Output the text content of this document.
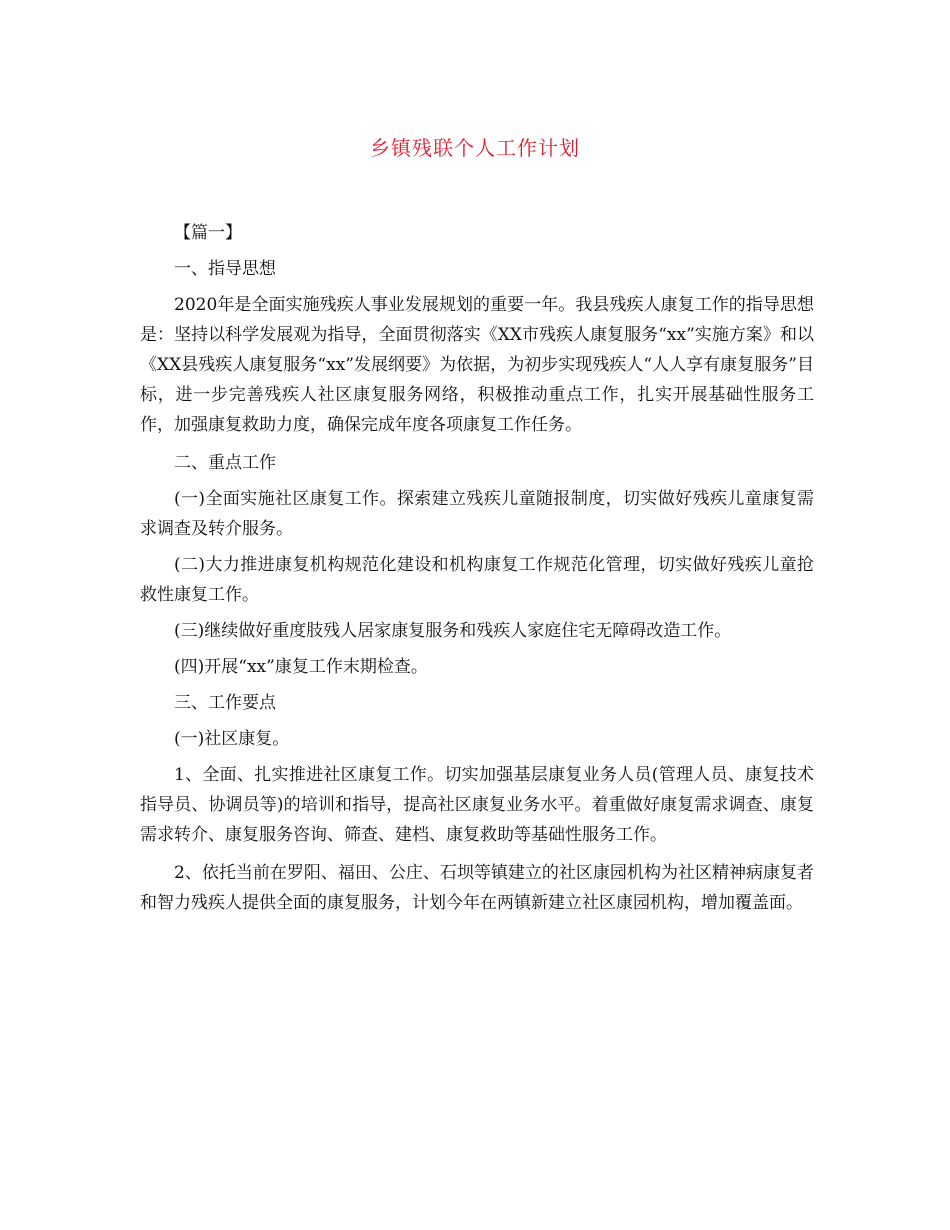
乡镇残联个人工作计划

【篇一】

一、指导思想

2020年是全面实施残疾人事业发展规划的重要一年。我县残疾人康复工作的指导思想是：坚持以科学发展观为指导，全面贯彻落实《XX市残疾人康复服务“xx”实施方案》和以《XX县残疾人康复服务“xx”发展纲要》为依据，为初步实现残疾人“人人享有康复服务”目标，进一步完善残疾人社区康复服务网络，积极推动重点工作，扎实开展基础性服务工作，加强康复救助力度，确保完成年度各项康复工作任务。

二、重点工作

(一)全面实施社区康复工作。探索建立残疾儿童随报制度，切实做好残疾儿童康复需求调查及转介服务。

(二)大力推进康复机构规范化建设和机构康复工作规范化管理，切实做好残疾儿童抢救性康复工作。

(三)继续做好重度肢残人居家康复服务和残疾人家庭住宅无障碍改造工作。

(四)开展“xx”康复工作末期检查。

三、工作要点

(一)社区康复。

1、全面、扎实推进社区康复工作。切实加强基层康复业务人员(管理人员、康复技术指导员、协调员等)的培训和指导，提高社区康复业务水平。着重做好康复需求调查、康复需求转介、康复服务咨询、筛查、建档、康复救助等基础性服务工作。

2、依托当前在罗阳、福田、公庄、石坝等镇建立的社区康园机构为社区精神病康复者和智力残疾人提供全面的康复服务，计划今年在两镇新建立社区康园机构，增加覆盖面。
